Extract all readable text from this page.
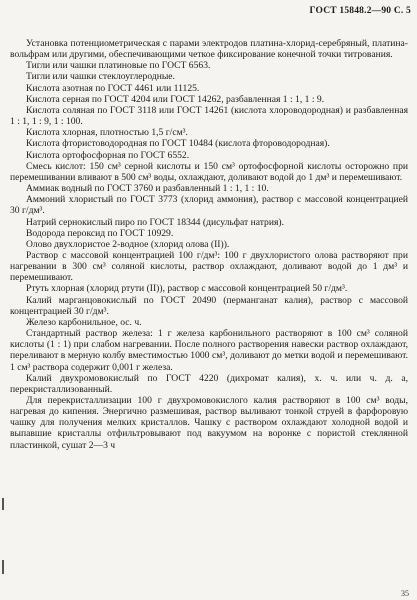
ГОСТ 15848.2—90 С. 5

Установка потенциометрическая с парами электродов платина-хлорид-серебряный, платина-вольфрам или другими, обеспечивающими четкое фиксирование конечной точки титрования.

Тигли или чашки платиновые по ГОСТ 6563.

Тигли или чашки стеклоуглеродные.

Кислота азотная по ГОСТ 4461 или 11125.

Кислота серная по ГОСТ 4204 или ГОСТ 14262, разбавленная 1 : 1, 1 : 9.

Кислота соляная по ГОСТ 3118 или ГОСТ 14261 (кислота хлороводородная) и разбавленная 1 : 1, 1 : 9, 1 : 100.

Кислота хлорная, плотностью 1,5 г/см³.

Кислота фтористоводородная по ГОСТ 10484 (кислота фтороводородная).

Кислота ортофосфорная по ГОСТ 6552.

Смесь кислот: 150 см³ серной кислоты и 150 см³ ортофосфорной кислоты осторожно при перемешивании вливают в 500 см³ воды, охлаждают, доливают водой до 1 дм³ и перемешивают.

Аммиак водный по ГОСТ 3760 и разбавленный 1 : 1, 1 : 10.

Аммоний хлористый по ГОСТ 3773 (хлорид аммония), раствор с массовой концентрацией 30 г/дм³.

Натрий сернокислый пиро по ГОСТ 18344 (дисульфат натрия).

Водорода пероксид по ГОСТ 10929.

Олово двухлористое 2-водное (хлорид олова (II)).

Раствор с массовой концентрацией 100 г/дм³: 100 г двухлористого олова растворяют при нагревании в 300 см³ соляной кислоты, раствор охлаждают, доливают водой до 1 дм³ и перемешивают.

Ртуть хлорная (хлорид ртути (II)), раствор с массовой концентрацией 50 г/дм³.

Калий марганцовокислый по ГОСТ 20490 (перманганат калия), раствор с массовой концентрацией 30 г/дм³.

Железо карбонильное, ос. ч.

Стандартный раствор железа: 1 г железа карбонильного растворяют в 100 см³ соляной кислоты (1 : 1) при слабом нагревании. После полного растворения навески раствор охлаждают, переливают в мерную колбу вместимостью 1000 см³, доливают до метки водой и перемешивают. 1 см³ раствора содержит 0,001 г железа.

Калий двухромовокислый по ГОСТ 4220 (дихромат калия), х. ч. или ч. д. а, перекристаллизованный.

Для перекристаллизации 100 г двухромовокислого калия растворяют в 100 см³ воды, нагревая до кипения. Энергично размешивая, раствор выливают тонкой струей в фарфоровую чашку для получения мелких кристаллов. Чашку с раствором охлаждают холодной водой и выпавшие кристаллы отфильтровывают под вакуумом на воронке с пористой стеклянной пластинкой, сушат 2—3 ч

35
